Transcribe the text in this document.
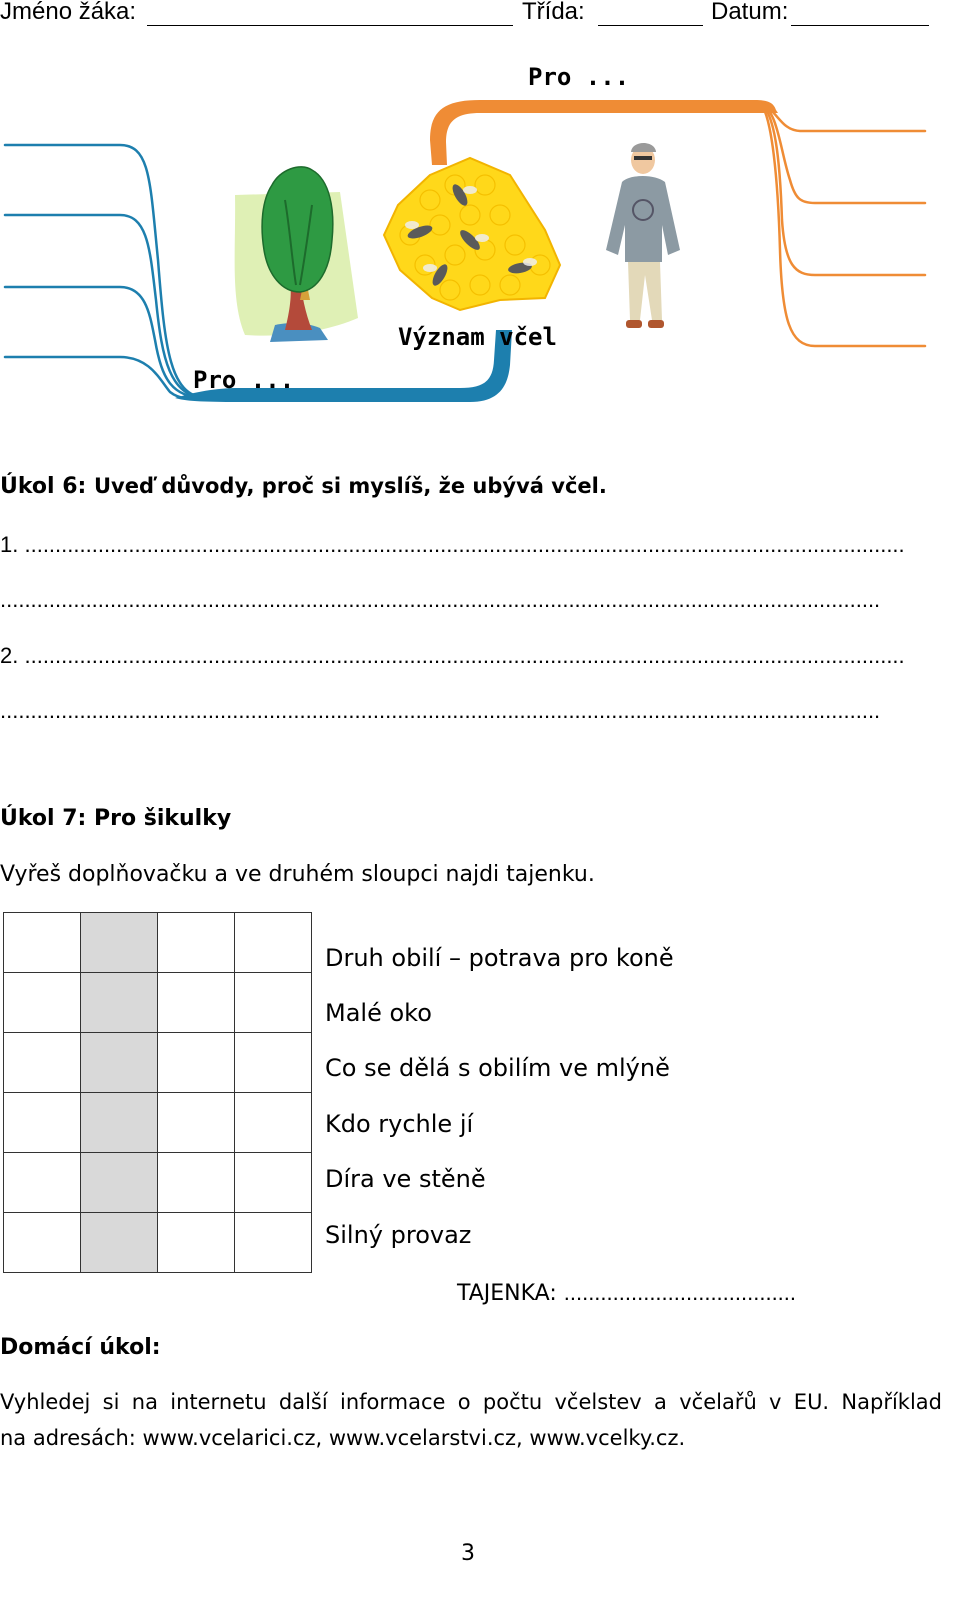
Jméno žáka:	Třída:	Datum:
Pro ...
Význam včel
Pro ...
Úkol 6: Uveď důvody, proč si myslíš, že ubývá včel.
1. ................................................................................................................................................
................................................................................................................................................
2. ................................................................................................................................................
................................................................................................................................................
Úkol 7: Pro šikulky
Vyřeš doplňovačku a ve druhém sloupci najdi tajenku.

Druh obilí – potrava pro koně
Malé oko
Co se dělá s obilím ve mlýně
Kdo rychle jí
Díra ve stěně
Silný provaz
TAJENKA: ......................................
Domácí úkol:
Vyhledej si na internetu další informace o počtu včelstev a včelařů v EU. Například
na adresách: www.vcelarici.cz, www.vcelarstvi.cz, www.vcelky.cz.
3
